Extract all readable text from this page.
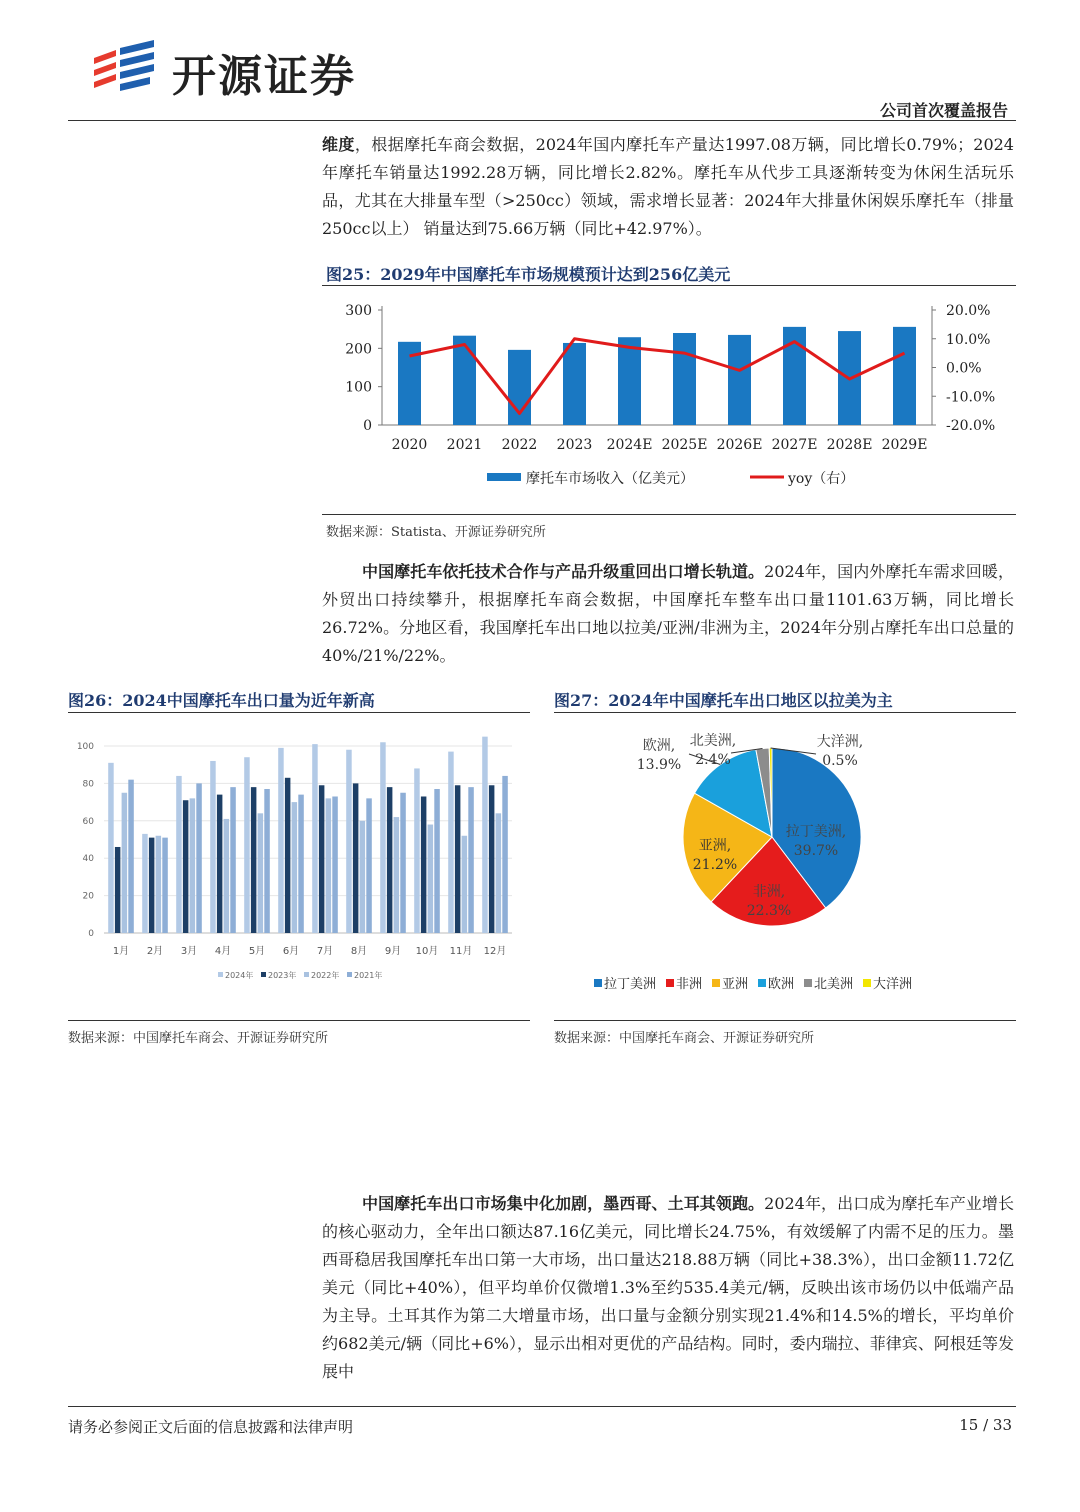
开源证券
公司首次覆盖报告
维度，根据摩托车商会数据，2024年国内摩托车产量达1997.08万辆，同比增长0.79%；2024年摩托车销量达1992.28万辆，同比增长2.82%。摩托车从代步工具逐渐转变为休闲生活玩乐品，尤其在大排量车型（>250cc）领域，需求增长显著：2024年大排量休闲娱乐摩托车（排量250cc以上） 销量达到75.66万辆（同比+42.97%）。
图25：2029年中国摩托车市场规模预计达到256亿美元
0
100
200
300
-20.0%
-10.0%
0.0%
10.0%
20.0%
2020 2021 2022 2023 2024E 2025E 2026E 2027E 2028E 2029E
摩托车市场收入（亿美元）	yoy（右）
数据来源：Statista、开源证券研究所
中国摩托车依托技术合作与产品升级重回出口增长轨道。2024年，国内外摩托车需求回暖，外贸出口持续攀升，根据摩托车商会数据，中国摩托车整车出口量1101.63万辆，同比增长26.72%。分地区看，我国摩托车出口地以拉美/亚洲/非洲为主，2024年分别占摩托车出口总量的40%/21%/22%。
图26：2024中国摩托车出口量为近年新高
0
20
40
60
80
100
1月 2月 3月 4月 5月 6月 7月 8月 9月 10月 11月 12月
2024年 2023年 2022年 2021年
数据来源：中国摩托车商会、开源证券研究所
图27：2024年中国摩托车出口地区以拉美为主
拉丁美洲, 39.7%
非洲, 22.3%
亚洲, 21.2%
欧洲, 13.9%
北美洲, 2.4%
大洋洲, 0.5%
拉丁美洲 非洲 亚洲 欧洲 北美洲 大洋洲
数据来源：中国摩托车商会、开源证券研究所
中国摩托车出口市场集中化加剧，墨西哥、土耳其领跑。2024年，出口成为摩托车产业增长的核心驱动力，全年出口额达87.16亿美元，同比增长24.75%，有效缓解了内需不足的压力。墨西哥稳居我国摩托车出口第一大市场，出口量达218.88万辆（同比+38.3%），出口金额11.72亿美元（同比+40%），但平均单价仅微增1.3%至约535.4美元/辆，反映出该市场仍以中低端产品为主导。土耳其作为第二大增量市场，出口量与金额分别实现21.4%和14.5%的增长，平均单价约682美元/辆（同比+6%），显示出相对更优的产品结构。同时，委内瑞拉、菲律宾、阿根廷等发展中
请务必参阅正文后面的信息披露和法律声明	15 / 33
